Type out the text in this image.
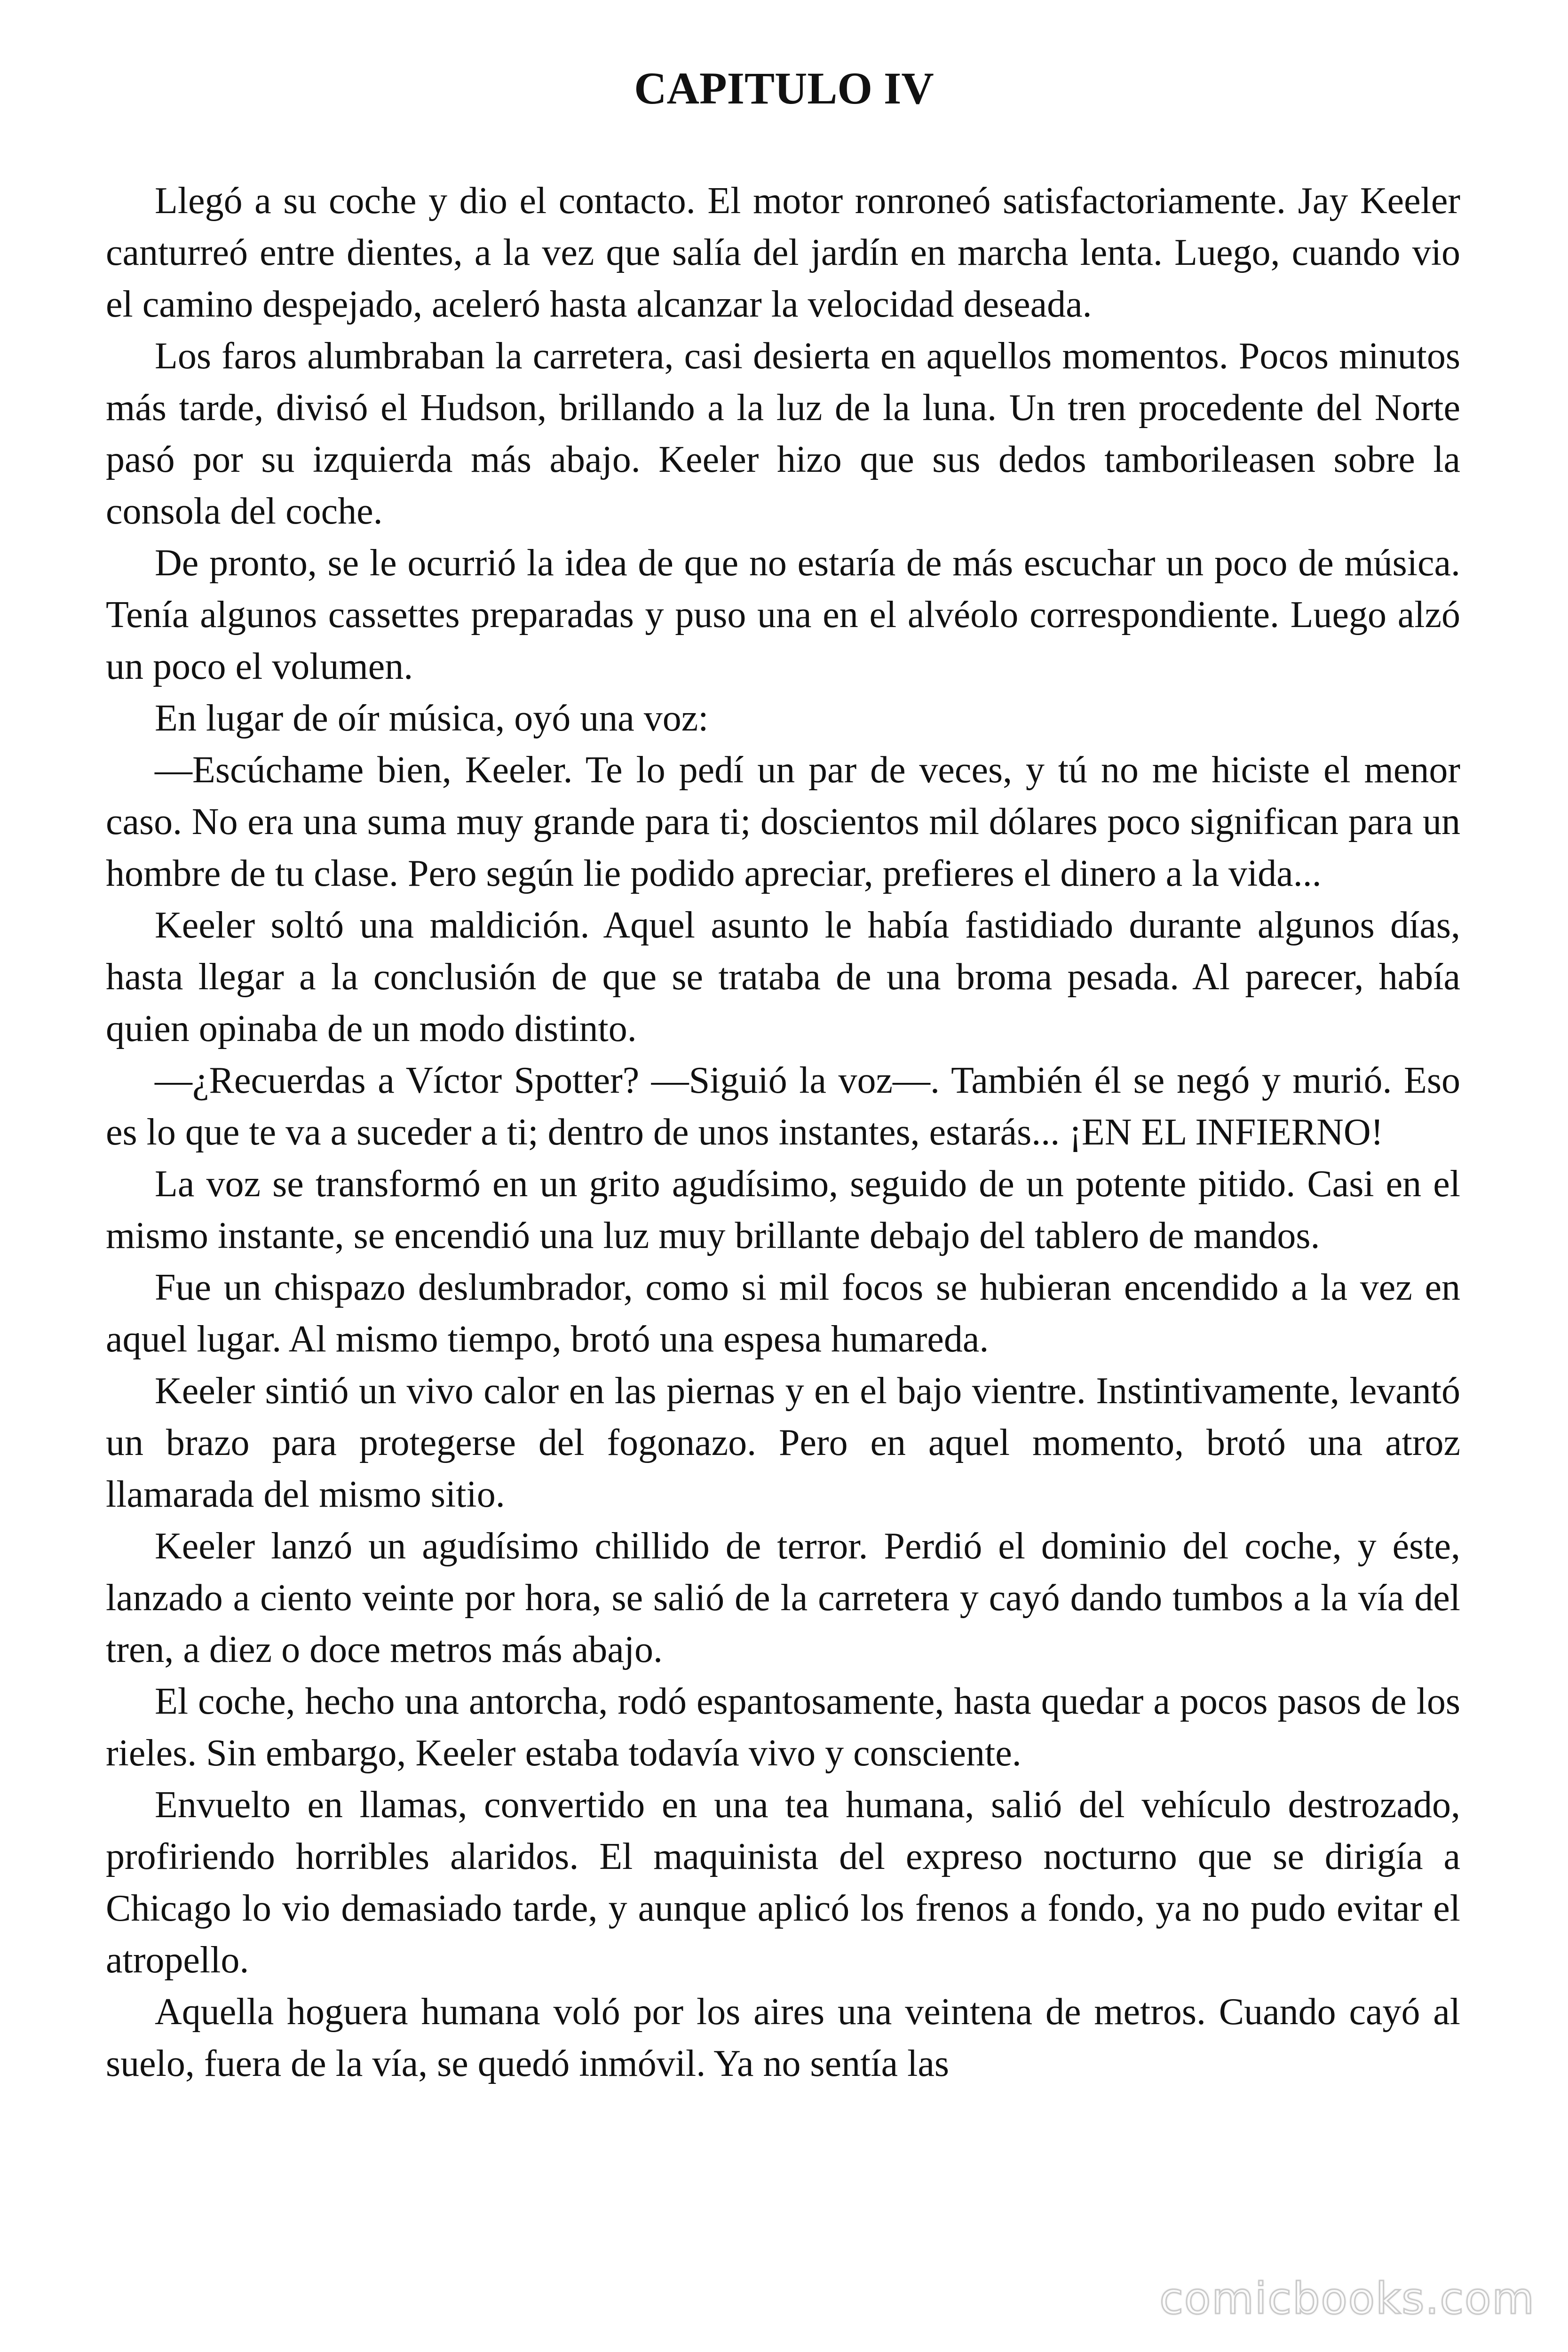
CAPITULO IV

Llegó a su coche y dio el contacto. El motor ronroneó satisfactoriamente. Jay Keeler canturreó entre dientes, a la vez que salía del jardín en marcha lenta. Luego, cuando vio el camino despejado, aceleró hasta alcanzar la velocidad deseada.

Los faros alumbraban la carretera, casi desierta en aquellos momentos. Pocos minutos más tarde, divisó el Hudson, brillando a la luz de la luna. Un tren procedente del Norte pasó por su izquierda más abajo. Keeler hizo que sus dedos tamborileasen sobre la consola del coche.

De pronto, se le ocurrió la idea de que no estaría de más escuchar un poco de música. Tenía algunos cassettes preparadas y puso una en el alvéolo correspondiente. Luego alzó un poco el volumen.

En lugar de oír música, oyó una voz:

—Escúchame bien, Keeler. Te lo pedí un par de veces, y tú no me hiciste el menor caso. No era una suma muy grande para ti; doscientos mil dólares poco significan para un hombre de tu clase. Pero según lie podido apreciar, prefieres el dinero a la vida...

Keeler soltó una maldición. Aquel asunto le había fastidiado durante algunos días, hasta llegar a la conclusión de que se trataba de una broma pesada. Al parecer, había quien opinaba de un modo distinto.

—¿Recuerdas a Víctor Spotter? —Siguió la voz—. También él se negó y murió. Eso es lo que te va a suceder a ti; dentro de unos instantes, estarás... ¡EN EL INFIERNO!

La voz se transformó en un grito agudísimo, seguido de un potente pitido. Casi en el mismo instante, se encendió una luz muy brillante debajo del tablero de mandos.

Fue un chispazo deslumbrador, como si mil focos se hubieran encendido a la vez en aquel lugar. Al mismo tiempo, brotó una espesa humareda.

Keeler sintió un vivo calor en las piernas y en el bajo vientre. Instintivamente, levantó un brazo para protegerse del fogonazo. Pero en aquel momento, brotó una atroz llamarada del mismo sitio.

Keeler lanzó un agudísimo chillido de terror. Perdió el dominio del coche, y éste, lanzado a ciento veinte por hora, se salió de la carretera y cayó dando tumbos a la vía del tren, a diez o doce metros más abajo.

El coche, hecho una antorcha, rodó espantosamente, hasta quedar a pocos pasos de los rieles. Sin embargo, Keeler estaba todavía vivo y consciente.

Envuelto en llamas, convertido en una tea humana, salió del vehículo destrozado, profiriendo horribles alaridos. El maquinista del expreso nocturno que se dirigía a Chicago lo vio demasiado tarde, y aunque aplicó los frenos a fondo, ya no pudo evitar el atropello.

Aquella hoguera humana voló por los aires una veintena de metros. Cuando cayó al suelo, fuera de la vía, se quedó inmóvil. Ya no sentía las

comicbooks.com
